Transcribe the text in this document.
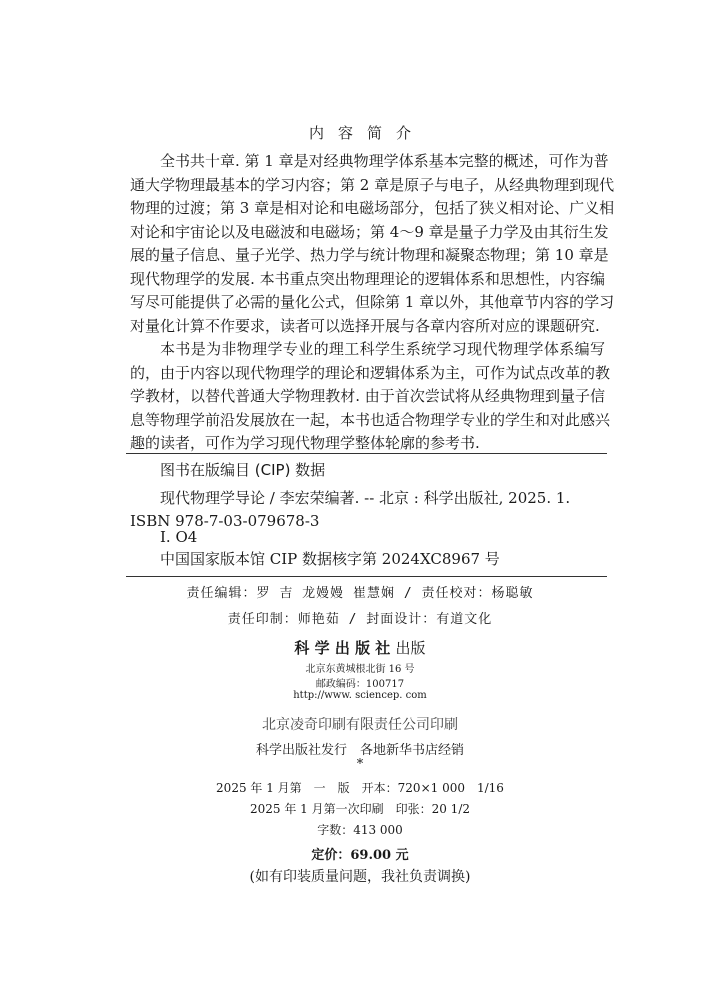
内容简介
全书共十章. 第 1 章是对经典物理学体系基本完整的概述，可作为普
通大学物理最基本的学习内容；第 2 章是原子与电子，从经典物理到现代
物理的过渡；第 3 章是相对论和电磁场部分，包括了狭义相对论、广义相
对论和宇宙论以及电磁波和电磁场；第 4～9 章是量子力学及由其衍生发
展的量子信息、量子光学、热力学与统计物理和凝聚态物理；第 10 章是
现代物理学的发展. 本书重点突出物理理论的逻辑体系和思想性，内容编
写尽可能提供了必需的量化公式，但除第 1 章以外，其他章节内容的学习
对量化计算不作要求，读者可以选择开展与各章内容所对应的课题研究.
本书是为非物理学专业的理工科学生系统学习现代物理学体系编写
的，由于内容以现代物理学的理论和逻辑体系为主，可作为试点改革的教
学教材，以替代普通大学物理教材. 由于首次尝试将从经典物理到量子信
息等物理学前沿发展放在一起，本书也适合物理学专业的学生和对此感兴
趣的读者，可作为学习现代物理学整体轮廓的参考书.
图书在版编目 (CIP) 数据
现代物理学导论 / 李宏荣编著. -- 北京 : 科学出版社, 2025. 1.
ISBN 978-7-03-079678-3
Ⅰ. O4
中国国家版本馆 CIP 数据核字第 2024XC8967 号
责任编辑：罗 吉 龙嫚嫚 崔慧娴 / 责任校对：杨聪敏
责任印制：师艳茹 / 封面设计：有道文化
科 学 出 版 社 出版
北京东黄城根北街 16 号
邮政编码：100717
http://www. sciencep. com
北京凌奇印刷有限责任公司印刷
科学出版社发行　各地新华书店经销
*
2025 年 1 月第　一　版　开本：720×1 000　1/16
2025 年 1 月第一次印刷　印张：20 1/2
字数：413 000
定价：69.00 元
(如有印装质量问题，我社负责调换)
